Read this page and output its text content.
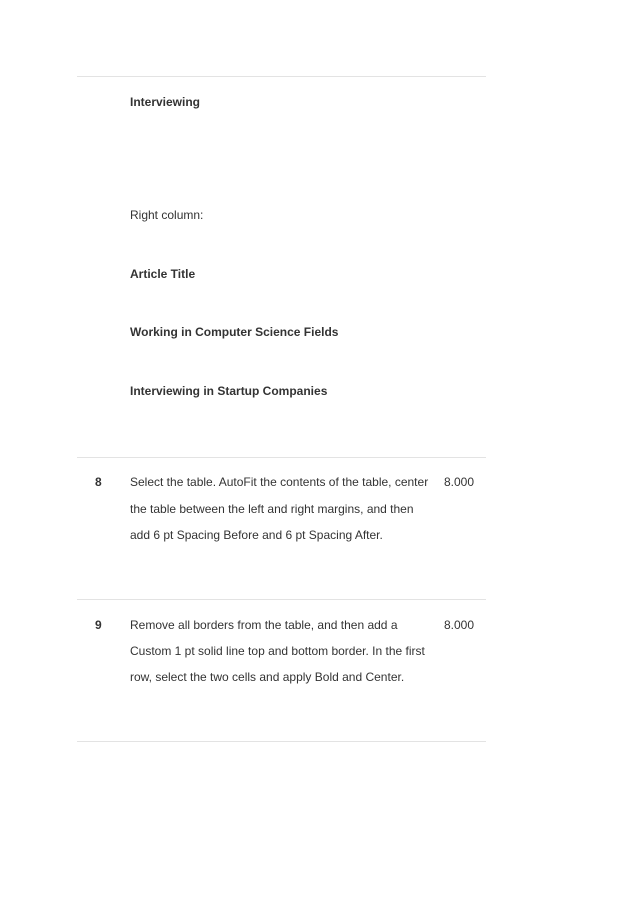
Interviewing
Right column:
Article Title
Working in Computer Science Fields
Interviewing in Startup Companies
8 Select the table. AutoFit the contents of the table, center
the table between the left and right margins, and then
add 6 pt Spacing Before and 6 pt Spacing After.
8.000
9 Remove all borders from the table, and then add a
Custom 1 pt solid line top and bottom border. In the first
row, select the two cells and apply Bold and Center.
8.000
